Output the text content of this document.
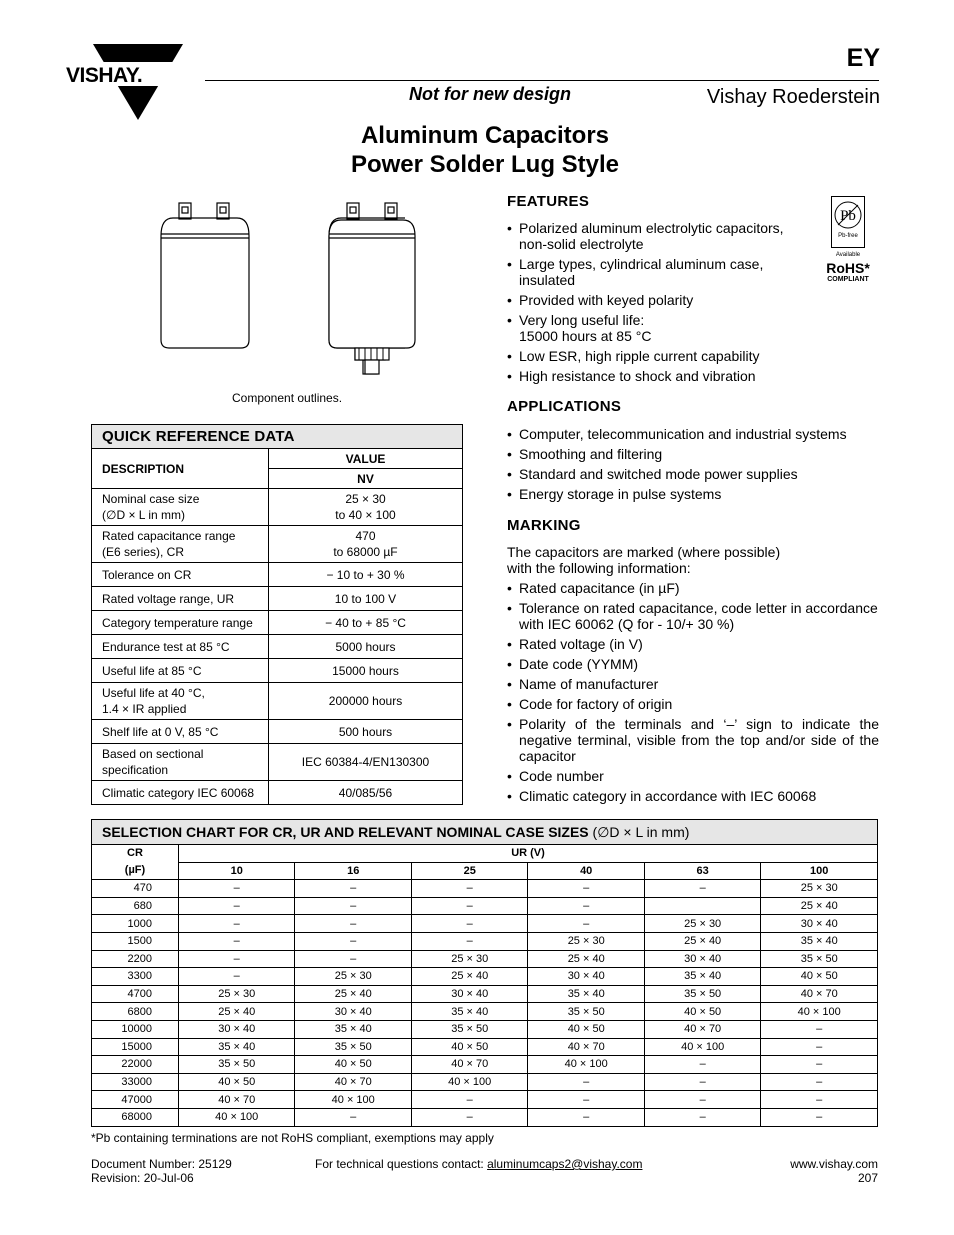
VISHAY.
EY
Not for new design	Vishay Roederstein
Aluminum Capacitors
Power Solder Lug Style
Component outlines.
Pb
Pb-free
Available
RoHS*
COMPLIANT
FEATURES
• Polarized aluminum electrolytic capacitors, non-solid electrolyte
• Large types, cylindrical aluminum case, insulated
• Provided with keyed polarity
• Very long useful life: 15000 hours at 85 °C
• Low ESR, high ripple current capability
• High resistance to shock and vibration
APPLICATIONS
• Computer, telecommunication and industrial systems
• Smoothing and filtering
• Standard and switched mode power supplies
• Energy storage in pulse systems
MARKING
The capacitors are marked (where possible) with the following information:
• Rated capacitance (in µF)
• Tolerance on rated capacitance, code letter in accordance with IEC 60062 (Q for - 10/+ 30 %)
• Rated voltage (in V)
• Date code (YYMM)
• Name of manufacturer
• Code for factory of origin
• Polarity of the terminals and ‘–’ sign to indicate the negative terminal, visible from the top and/or side of the capacitor
• Code number
• Climatic category in accordance with IEC 60068
QUICK REFERENCE DATA	
DESCRIPTION	VALUE
	NV
Nominal case size
(∅D × L in mm)	25 × 30
to 40 × 100
Rated capacitance range
(E6 series), CR	470
to 68000 µF
Tolerance on CR	− 10 to + 30 %
Rated voltage range, UR	10 to 100 V
Category temperature range	− 40 to + 85 °C
Endurance test at 85 °C	5000 hours
Useful life at 85 °C	15000 hours
Useful life at 40 °C,
1.4 × IR applied	200000 hours
Shelf life at 0 V, 85 °C	500 hours
Based on sectional
specification	IEC 60384-4/EN130300
Climatic category IEC 60068	40/085/56
SELECTION CHART FOR CR, UR AND RELEVANT NOMINAL CASE SIZES (∅D × L in mm)						
CR
(µF)	UR (V)					
	10	16	25	40	63	100
470	–	–	–	–	–	25 × 30
680	–	–	–	–		25 × 40
1000	–	–	–	–	25 × 30	30 × 40
1500	–	–	–	25 × 30	25 × 40	35 × 40
2200	–	–	25 × 30	25 × 40	30 × 40	35 × 50
3300	–	25 × 30	25 × 40	30 × 40	35 × 40	40 × 50
4700	25 × 30	25 × 40	30 × 40	35 × 40	35 × 50	40 × 70
6800	25 × 40	30 × 40	35 × 40	35 × 50	40 × 50	40 × 100
10000	30 × 40	35 × 40	35 × 50	40 × 50	40 × 70	–
15000	35 × 40	35 × 50	40 × 50	40 × 70	40 × 100	–
22000	35 × 50	40 × 50	40 × 70	40 × 100	–	–
33000	40 × 50	40 × 70	40 × 100	–	–	–
47000	40 × 70	40 × 100	–	–	–	–
68000	40 × 100	–	–	–	–	–
*Pb containing terminations are not RoHS compliant, exemptions may apply
Document Number: 25129
Revision: 20-Jul-06
For technical questions contact: aluminumcaps2@vishay.com	www.vishay.com
207
